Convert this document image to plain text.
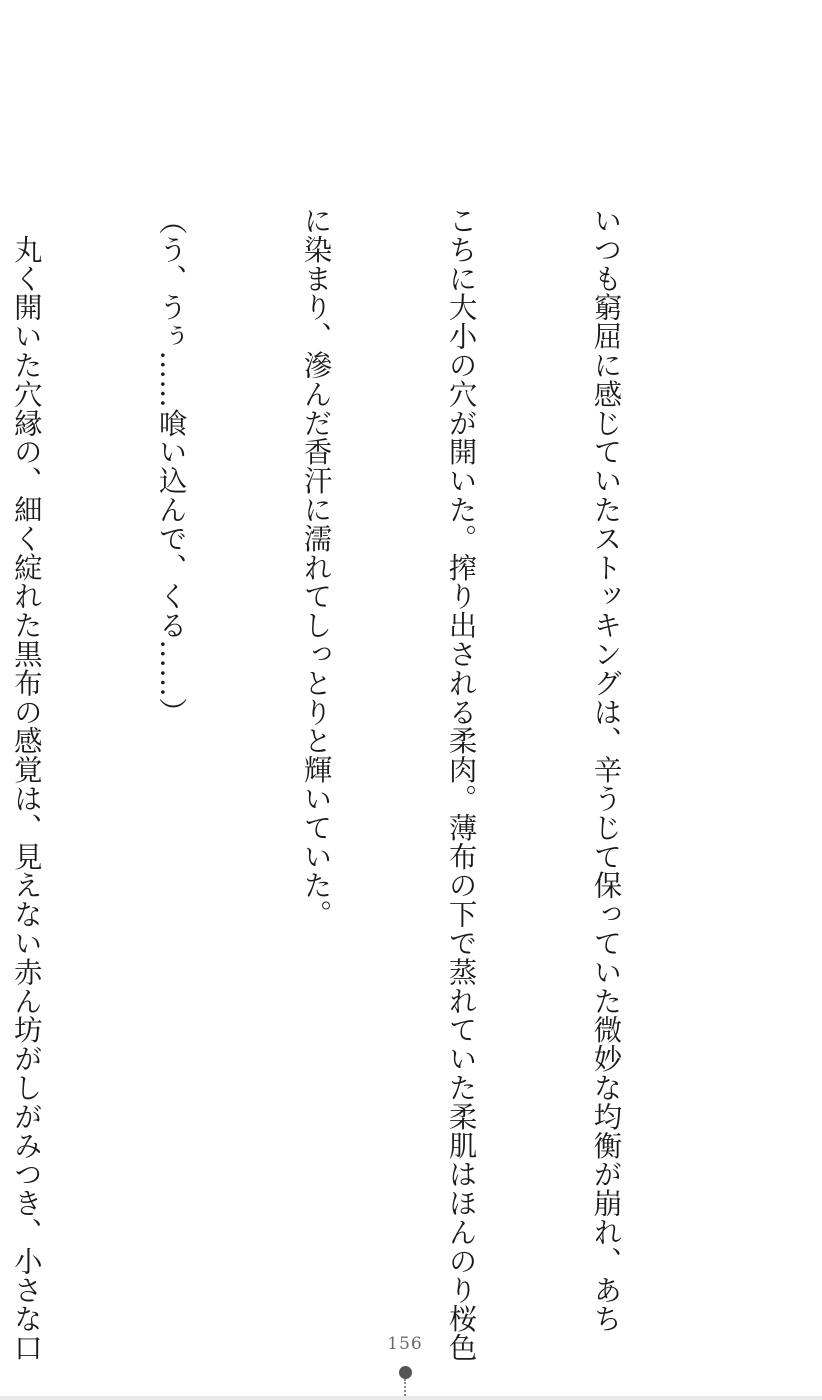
いつも窮屈に感じていたストッキングは、辛うじて保っていた微妙な均衡が崩れ、あち

こちに大小の穴が開いた。搾り出される柔肉。薄布の下で蒸れていた柔肌はほんのり桜色

に染まり、滲んだ香汗に濡れてしっとりと輝いていた。

（う、うぅ……喰い込んで、くる……）

　丸く開いた穴縁の、細く綻れた黒布の感覚は、見えない赤ん坊がしがみつき、小さな口

	156
